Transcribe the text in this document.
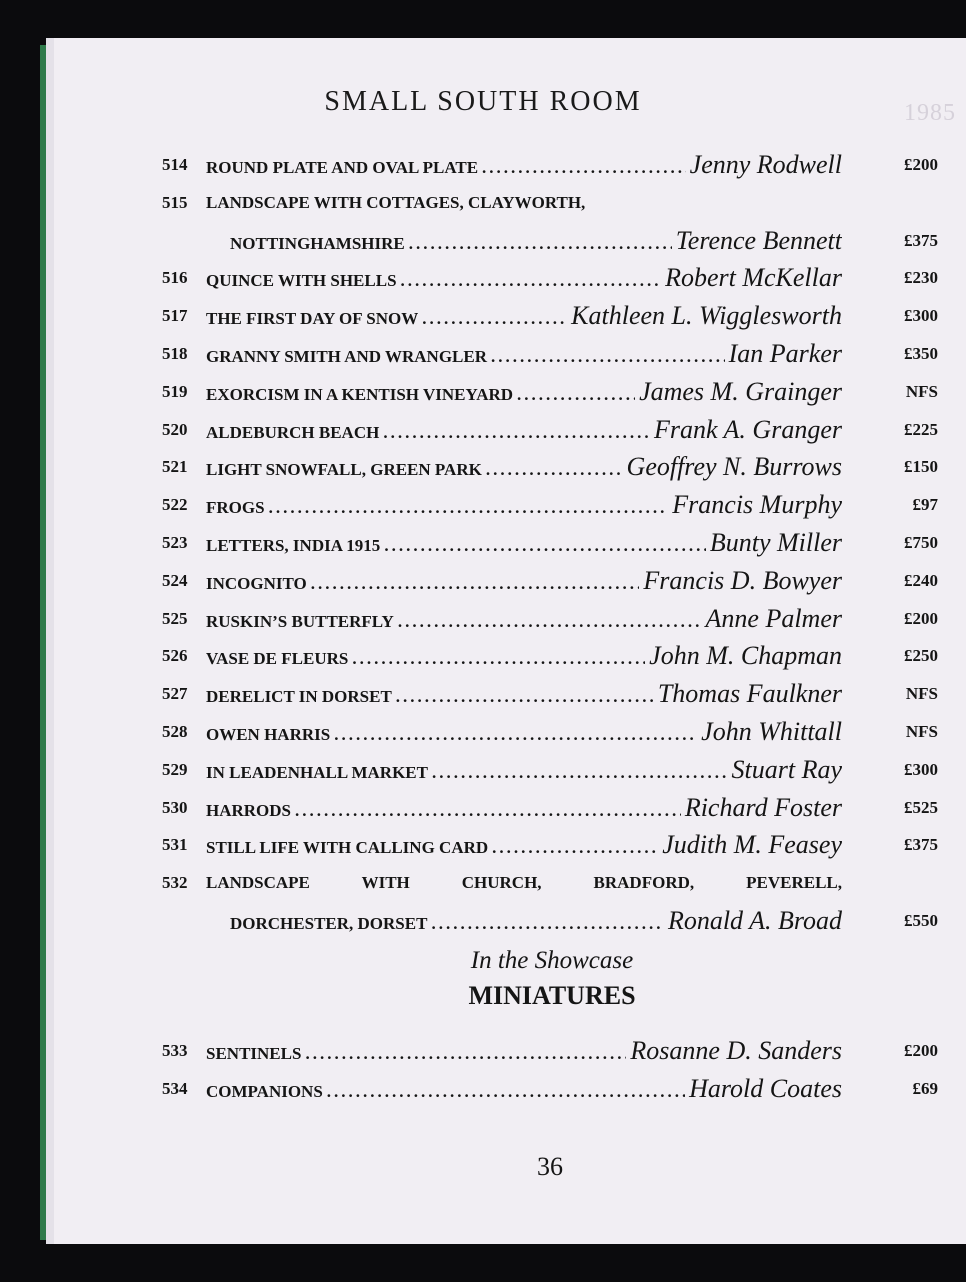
1985
SMALL SOUTH ROOM
514	ROUND PLATE AND OVAL PLATE .....	Jenny Rodwell	£200
515	LANDSCAPE WITH COTTAGES, CLAYWORTH,
NOTTINGHAMSHIRE .....	Terence Bennett	£375
516	QUINCE WITH SHELLS .....	Robert McKellar	£230
517	THE FIRST DAY OF SNOW .....	Kathleen L. Wigglesworth	£300
518	GRANNY SMITH AND WRANGLER .....	Ian Parker	£350
519	EXORCISM IN A KENTISH VINEYARD .....	James M. Grainger	NFS
520	ALDEBURCH BEACH .....	Frank A. Granger	£225
521	LIGHT SNOWFALL, GREEN PARK .....	Geoffrey N. Burrows	£150
522	FROGS .....	Francis Murphy	£97
523	LETTERS, INDIA 1915 .....	Bunty Miller	£750
524	INCOGNITO .....	Francis D. Bowyer	£240
525	RUSKIN’S BUTTERFLY .....	Anne Palmer	£200
526	VASE DE FLEURS .....	John M. Chapman	£250
527	DERELICT IN DORSET .....	Thomas Faulkner	NFS
528	OWEN HARRIS .....	John Whittall	NFS
529	IN LEADENHALL MARKET .....	Stuart Ray	£300
530	HARRODS .....	Richard Foster	£525
531	STILL LIFE WITH CALLING CARD .....	Judith M. Feasey	£375
532	LANDSCAPE WITH CHURCH, BRADFORD, PEVERELL,
DORCHESTER, DORSET .....	Ronald A. Broad	£550
In the Showcase
MINIATURES
533	SENTINELS .....	Rosanne D. Sanders	£200
534	COMPANIONS .....	Harold Coates	£69
36
